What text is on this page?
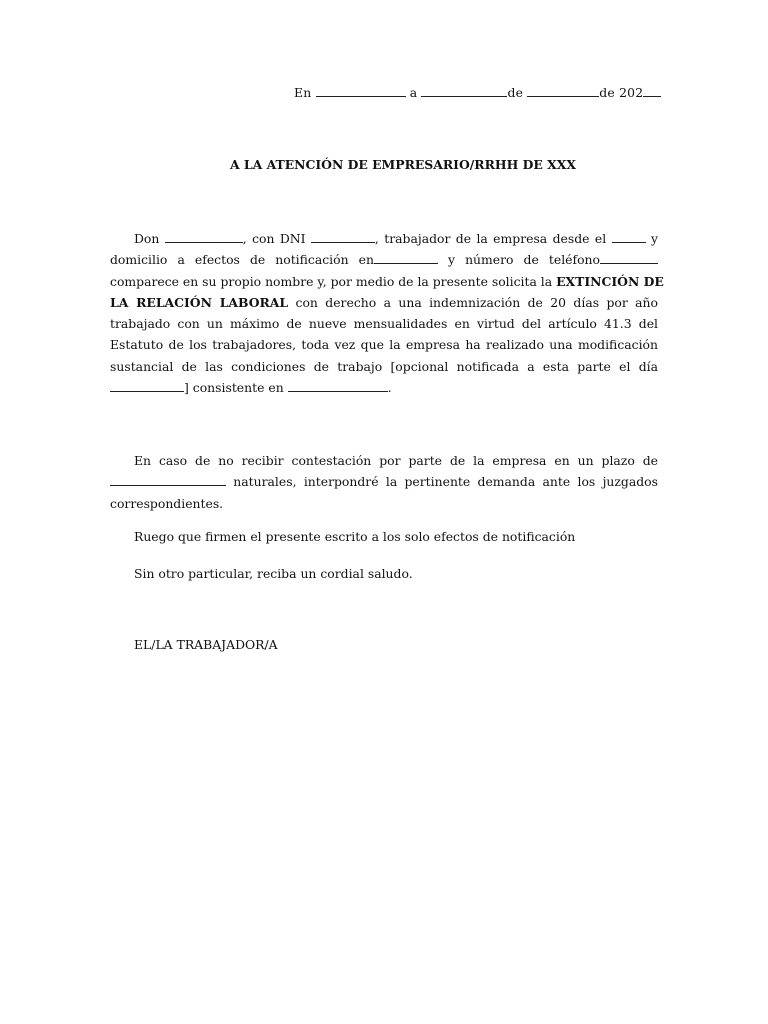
En	a	de	de 202
A LA ATENCIÓN DE EMPRESARIO/RRHH DE XXX
Don	, con DNI	, trabajador de la empresa desde el	y
domicilio a efectos de notificación en	y número de teléfono
comparece en su propio nombre y, por medio de la presente solicita la EXTINCIÓN DE
LA RELACIÓN LABORAL con derecho a una indemnización de 20 días por año
trabajado con un máximo de nueve mensualidades en virtud del artículo 41.3 del
Estatuto de los trabajadores, toda vez que la empresa ha realizado una modificación
sustancial de las condiciones de trabajo [opcional notificada a esta parte el día
] consistente en	.
En caso de no recibir contestación por parte de la empresa en un plazo de
naturales, interpondré la pertinente demanda ante los juzgados
correspondientes.
Ruego que firmen el presente escrito a los solo efectos de notificación
Sin otro particular, reciba un cordial saludo.
EL/LA TRABAJADOR/A
